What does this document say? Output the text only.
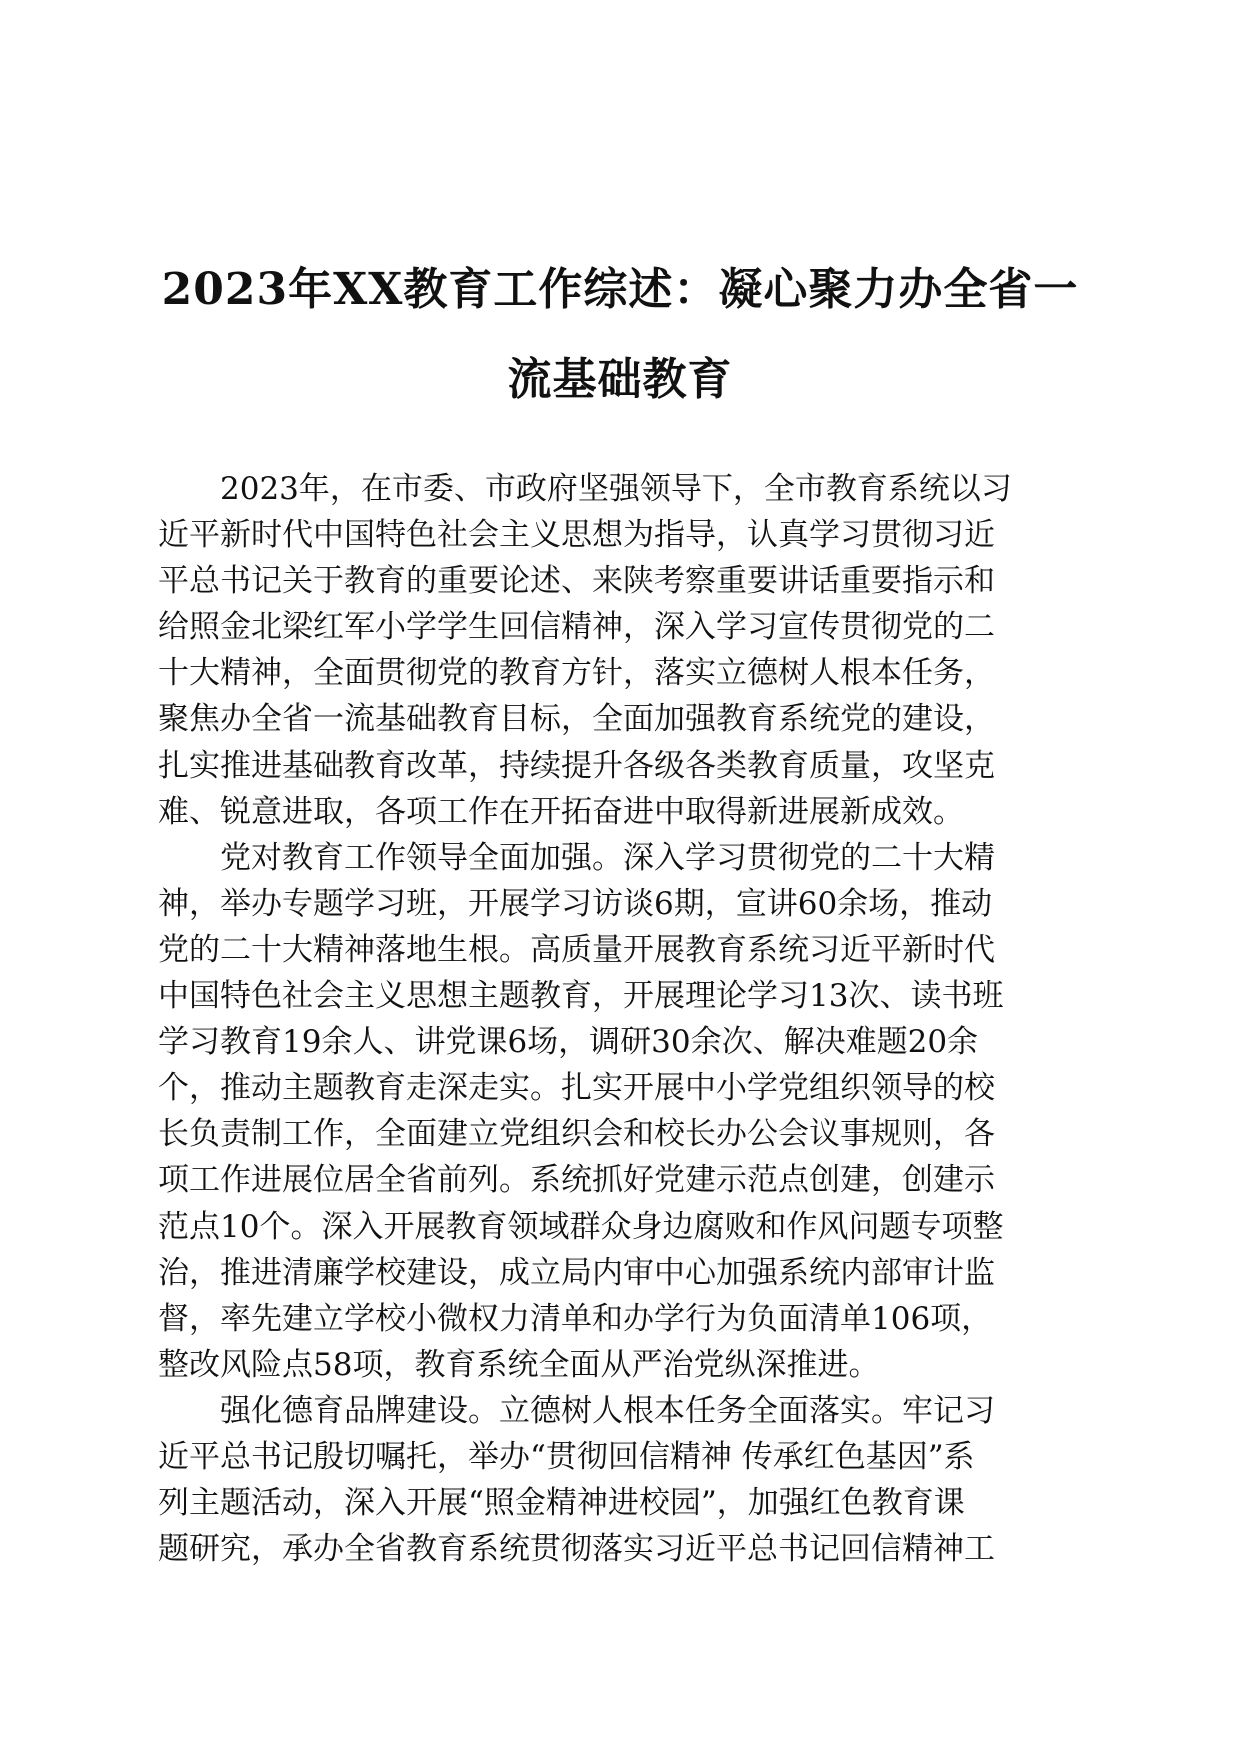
2023年XX教育工作综述：凝心聚力办全省一
流基础教育
2023年，在市委、市政府坚强领导下，全市教育系统以习
近平新时代中国特色社会主义思想为指导，认真学习贯彻习近
平总书记关于教育的重要论述、来陕考察重要讲话重要指示和
给照金北梁红军小学学生回信精神，深入学习宣传贯彻党的二
十大精神，全面贯彻党的教育方针，落实立德树人根本任务，
聚焦办全省一流基础教育目标，全面加强教育系统党的建设，
扎实推进基础教育改革，持续提升各级各类教育质量，攻坚克
难、锐意进取，各项工作在开拓奋进中取得新进展新成效。
党对教育工作领导全面加强。深入学习贯彻党的二十大精
神，举办专题学习班，开展学习访谈6期，宣讲60余场，推动
党的二十大精神落地生根。高质量开展教育系统习近平新时代
中国特色社会主义思想主题教育，开展理论学习13次、读书班
学习教育19余人、讲党课6场，调研30余次、解决难题20余
个，推动主题教育走深走实。扎实开展中小学党组织领导的校
长负责制工作，全面建立党组织会和校长办公会议事规则，各
项工作进展位居全省前列。系统抓好党建示范点创建，创建示
范点10个。深入开展教育领域群众身边腐败和作风问题专项整
治，推进清廉学校建设，成立局内审中心加强系统内部审计监
督，率先建立学校小微权力清单和办学行为负面清单106项，
整改风险点58项，教育系统全面从严治党纵深推进。
强化德育品牌建设。立德树人根本任务全面落实。牢记习
近平总书记殷切嘱托，举办“贯彻回信精神 传承红色基因”系
列主题活动，深入开展“照金精神进校园”，加强红色教育课
题研究，承办全省教育系统贯彻落实习近平总书记回信精神工
